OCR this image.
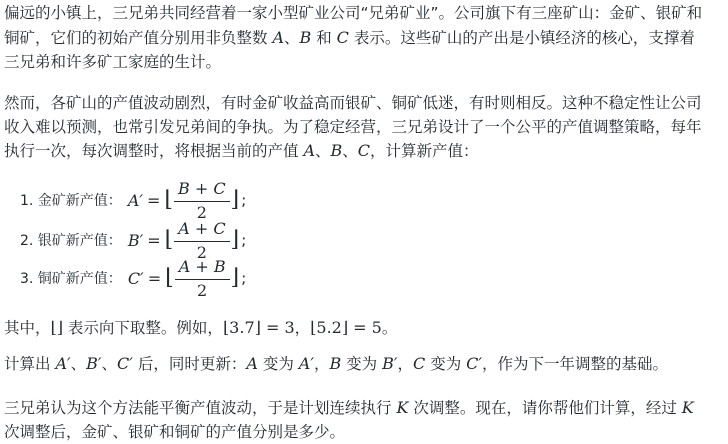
偏远的小镇上，三兄弟共同经营着一家小型矿业公司“兄弟矿业”。公司旗下有三座矿山：金矿、银矿和
铜矿，它们的初始产值分别用非负整数 A、B 和 C 表示。这些矿山的产出是小镇经济的核心，支撑着
三兄弟和许多矿工家庭的生计。
然而，各矿山的产值波动剧烈，有时金矿收益高而银矿、铜矿低迷，有时则相反。这种不稳定性让公司
收入难以预测，也常引发兄弟间的争执。为了稳定经营，三兄弟设计了一个公平的产值调整策略，每年
执行一次，每次调整时，将根据当前的产值 A、B、C，计算新产值：
1. 金矿新产值： A′ = ⌊ $\frac{B + C}{2}$ ⌋ ;
2. 银矿新产值： B′ = ⌊ $\frac{A + C}{2}$ ⌋ ;
3. 铜矿新产值： C′ = ⌊ $\frac{A + B}{2}$ ⌋ ;
其中，⌊⌋ 表示向下取整。例如，⌊3.7⌋ = 3，⌊5.2⌋ = 5。
计算出 A′、B′、C′ 后，同时更新：A 变为 A′，B 变为 B′，C 变为 C′，作为下一年调整的基础。
三兄弟认为这个方法能平衡产值波动，于是计划连续执行 K 次调整。现在，请你帮他们计算，经过 K
次调整后，金矿、银矿和铜矿的产值分别是多少。
